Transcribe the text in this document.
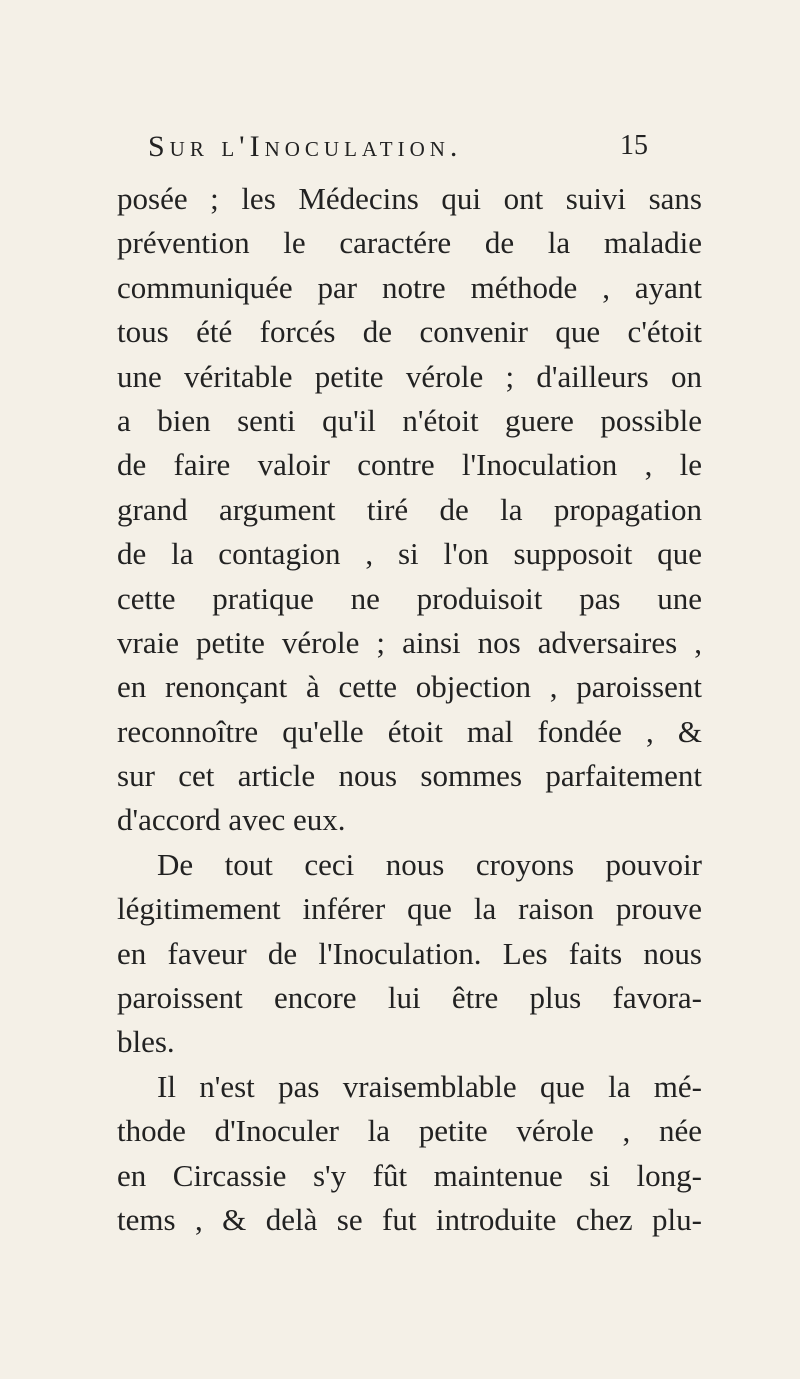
Sur l'Inoculation.	15
posée ; les Médecins qui ont suivi sans
prévention le caractére de la maladie
communiquée par notre méthode , ayant
tous été forcés de convenir que c'étoit
une véritable petite vérole ; d'ailleurs on
a bien senti qu'il n'étoit guere possible
de faire valoir contre l'Inoculation , le
grand argument tiré de la propagation
de la contagion , si l'on supposoit que
cette pratique ne produisoit pas une
vraie petite vérole ; ainsi nos adversaires ,
en renonçant à cette objection , paroissent
reconnoître qu'elle étoit mal fondée , &
sur cet article nous sommes parfaitement
d'accord avec eux.
De tout ceci nous croyons pouvoir
légitimement inférer que la raison prouve
en faveur de l'Inoculation. Les faits nous
paroissent encore lui être plus favora-
bles.
Il n'est pas vraisemblable que la mé-
thode d'Inoculer la petite vérole , née
en Circassie s'y fût maintenue si long-
tems , & delà se fut introduite chez plu-
